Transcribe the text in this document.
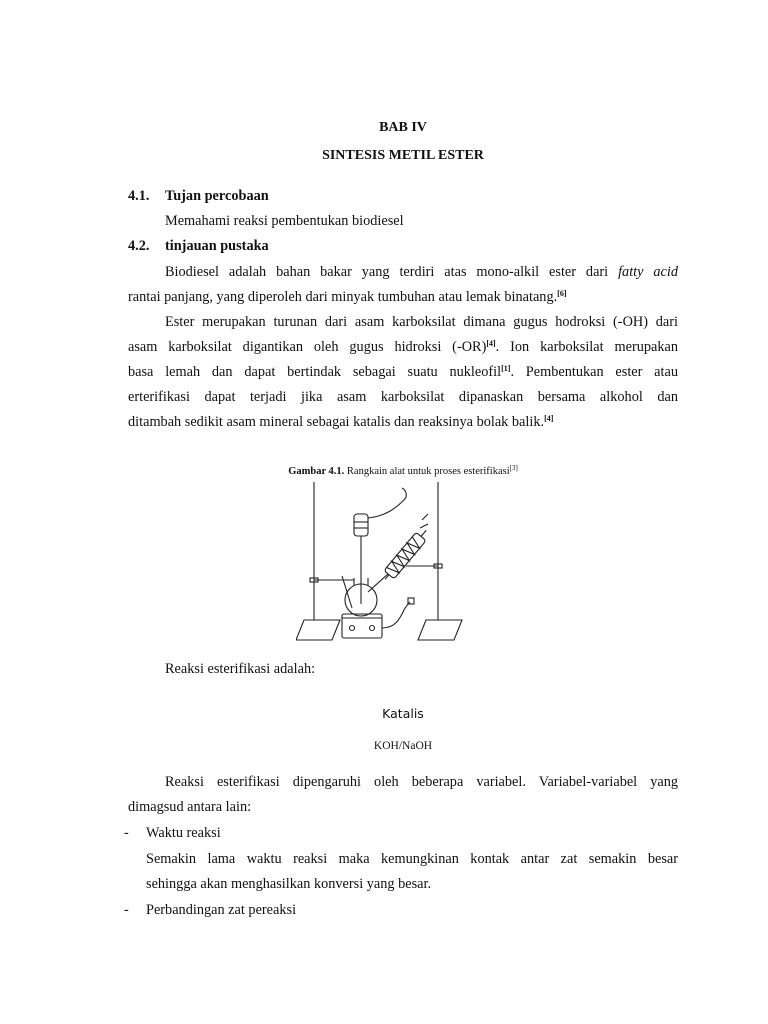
BAB IV
SINTESIS METIL ESTER
4.1. Tujan percobaan
Memahami reaksi pembentukan biodiesel
4.2. tinjauan pustaka
Biodiesel adalah bahan bakar yang terdiri atas mono-alkil ester dari fatty acid
rantai panjang, yang diperoleh dari minyak tumbuhan atau lemak binatang.[6]
Ester merupakan turunan dari asam karboksilat dimana gugus hodroksi (-OH) dari
asam karboksilat digantikan oleh gugus hidroksi (-OR)[4]. Ion karboksilat merupakan
basa lemah dan dapat bertindak sebagai suatu nukleofil[1]. Pembentukan ester atau
erterifikasi dapat terjadi jika asam karboksilat dipanaskan bersama alkohol dan
ditambah sedikit asam mineral sebagai katalis dan reaksinya bolak balik.[4]
Gambar 4.1. Rangkain alat untuk proses esterifikasi[3]
Reaksi esterifikasi adalah:
Katalis
KOH/NaOH
Reaksi esterifikasi dipengaruhi oleh beberapa variabel. Variabel-variabel yang
dimagsud antara lain:
- Waktu reaksi
Semakin lama waktu reaksi maka kemungkinan kontak antar zat semakin besar
sehingga akan menghasilkan konversi yang besar.
- Perbandingan zat pereaksi
